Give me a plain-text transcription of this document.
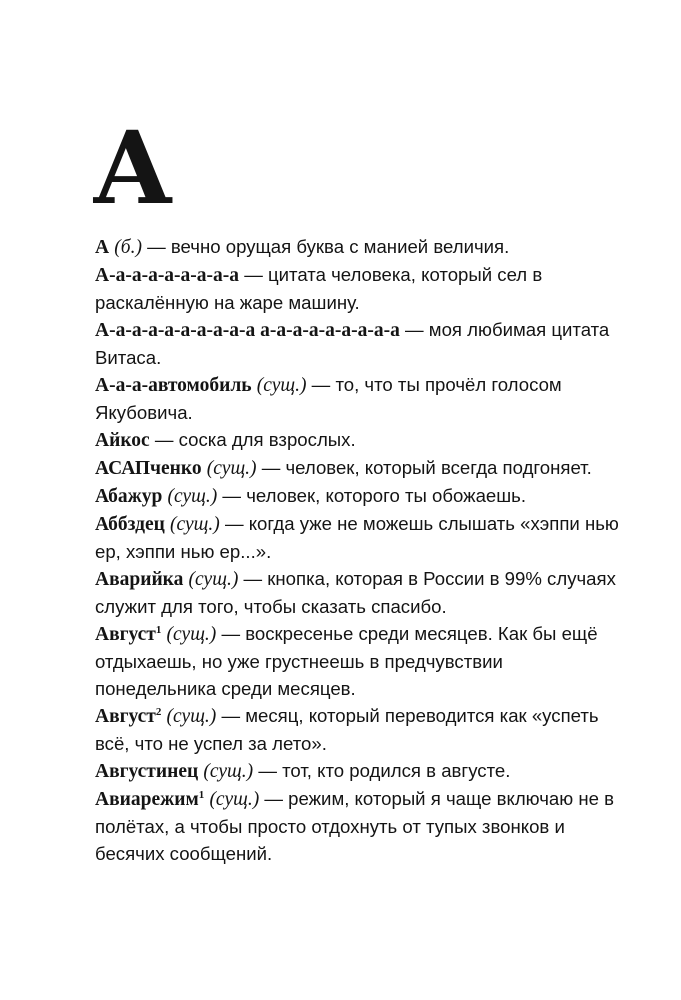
А

А (б.) — вечно орущая буква с манией величия.

А-а-а-а-а-а-а-а-а — цитата человека, который сел в раскалённую на жаре машину.

А-а-а-а-а-а-а-а-а-а а-а-а-а-а-а-а-а-а — моя любимая цитата Витаса.

А-а-а-автомобиль (сущ.) — то, что ты прочёл голосом Якубовича.

Айкос — соска для взрослых.

АСАПченко (сущ.) — человек, который всегда подгоняет.

Абажур (сущ.) — человек, которого ты обожаешь.

Аббздец (сущ.) — когда уже не можешь слышать «хэппи нью ер, хэппи нью ер...».

Аварийка (сущ.) — кнопка, которая в России в 99% случаях служит для того, чтобы сказать спасибо.

Август$^1$ (сущ.) — воскресенье среди месяцев. Как бы ещё отдыхаешь, но уже грустнеешь в предчувствии понедельника среди месяцев.

Август$^2$ (сущ.) — месяц, который переводится как «успеть всё, что не успел за лето».

Августинец (сущ.) — тот, кто родился в августе.

Авиарежим$^1$ (сущ.) — режим, который я чаще включаю не в полётах, а чтобы просто отдохнуть от тупых звонков и бесячих сообщений.
